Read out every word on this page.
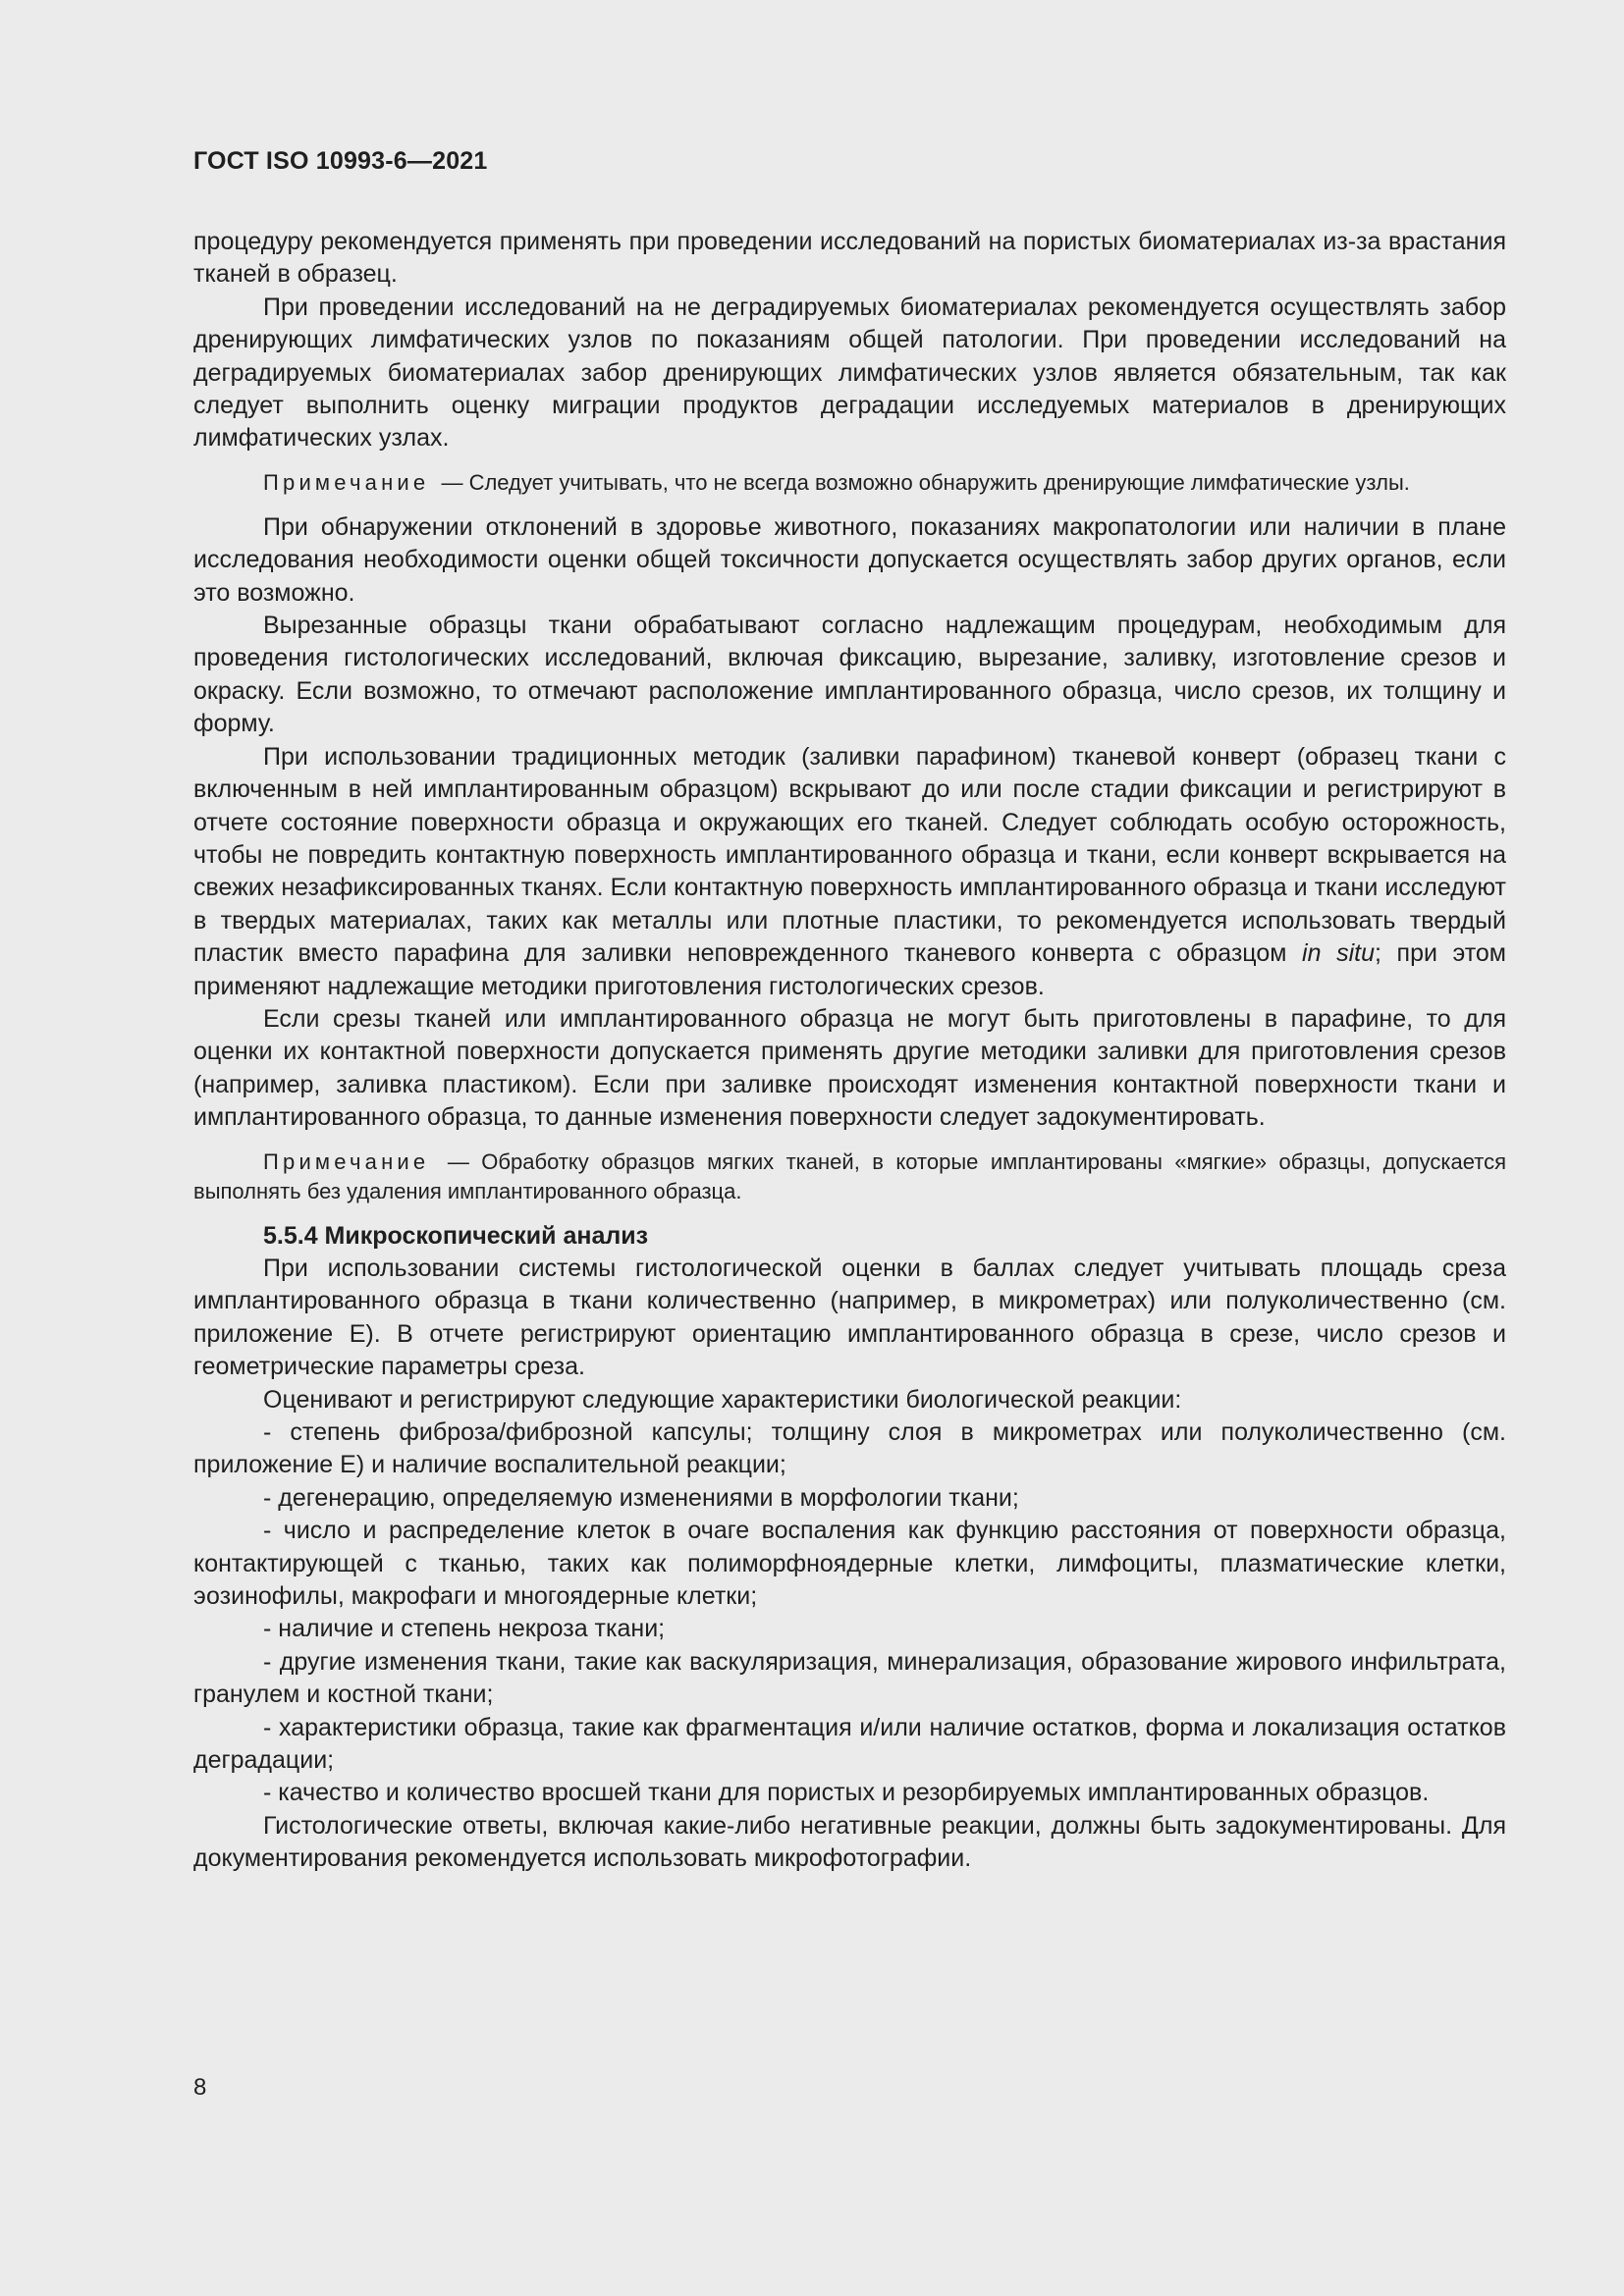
ГОСТ ISO 10993-6—2021

процедуру рекомендуется применять при проведении исследований на пористых биоматериалах из-за врастания тканей в образец.

При проведении исследований на не деградируемых биоматериалах рекомендуется осуществлять забор дренирующих лимфатических узлов по показаниям общей патологии. При проведении исследований на деградируемых биоматериалах забор дренирующих лимфатических узлов является обязательным, так как следует выполнить оценку миграции продуктов деградации исследуемых материалов в дренирующих лимфатических узлах.

Примечание — Следует учитывать, что не всегда возможно обнаружить дренирующие лимфатические узлы.

При обнаружении отклонений в здоровье животного, показаниях макропатологии или наличии в плане исследования необходимости оценки общей токсичности допускается осуществлять забор других органов, если это возможно.

Вырезанные образцы ткани обрабатывают согласно надлежащим процедурам, необходимым для проведения гистологических исследований, включая фиксацию, вырезание, заливку, изготовление срезов и окраску. Если возможно, то отмечают расположение имплантированного образца, число срезов, их толщину и форму.

При использовании традиционных методик (заливки парафином) тканевой конверт (образец ткани с включенным в ней имплантированным образцом) вскрывают до или после стадии фиксации и регистрируют в отчете состояние поверхности образца и окружающих его тканей. Следует соблюдать особую осторожность, чтобы не повредить контактную поверхность имплантированного образца и ткани, если конверт вскрывается на свежих незафиксированных тканях. Если контактную поверхность имплантированного образца и ткани исследуют в твердых материалах, таких как металлы или плотные пластики, то рекомендуется использовать твердый пластик вместо парафина для заливки неповрежденного тканевого конверта с образцом in situ; при этом применяют надлежащие методики приготовления гистологических срезов.

Если срезы тканей или имплантированного образца не могут быть приготовлены в парафине, то для оценки их контактной поверхности допускается применять другие методики заливки для приготовления срезов (например, заливка пластиком). Если при заливке происходят изменения контактной поверхности ткани и имплантированного образца, то данные изменения поверхности следует задокументировать.

Примечание — Обработку образцов мягких тканей, в которые имплантированы «мягкие» образцы, допускается выполнять без удаления имплантированного образца.

5.5.4 Микроскопический анализ

При использовании системы гистологической оценки в баллах следует учитывать площадь среза имплантированного образца в ткани количественно (например, в микрометрах) или полуколичественно (см. приложение Е). В отчете регистрируют ориентацию имплантированного образца в срезе, число срезов и геометрические параметры среза.

Оценивают и регистрируют следующие характеристики биологической реакции:

- степень фиброза/фиброзной капсулы; толщину слоя в микрометрах или полуколичественно (см. приложение Е) и наличие воспалительной реакции;

- дегенерацию, определяемую изменениями в морфологии ткани;

- число и распределение клеток в очаге воспаления как функцию расстояния от поверхности образца, контактирующей с тканью, таких как полиморфноядерные клетки, лимфоциты, плазматические клетки, эозинофилы, макрофаги и многоядерные клетки;

- наличие и степень некроза ткани;

- другие изменения ткани, такие как васкуляризация, минерализация, образование жирового инфильтрата, гранулем и костной ткани;

- характеристики образца, такие как фрагментация и/или наличие остатков, форма и локализация остатков деградации;

- качество и количество вросшей ткани для пористых и резорбируемых имплантированных образцов.

Гистологические ответы, включая какие-либо негативные реакции, должны быть задокументированы. Для документирования рекомендуется использовать микрофотографии.

8
